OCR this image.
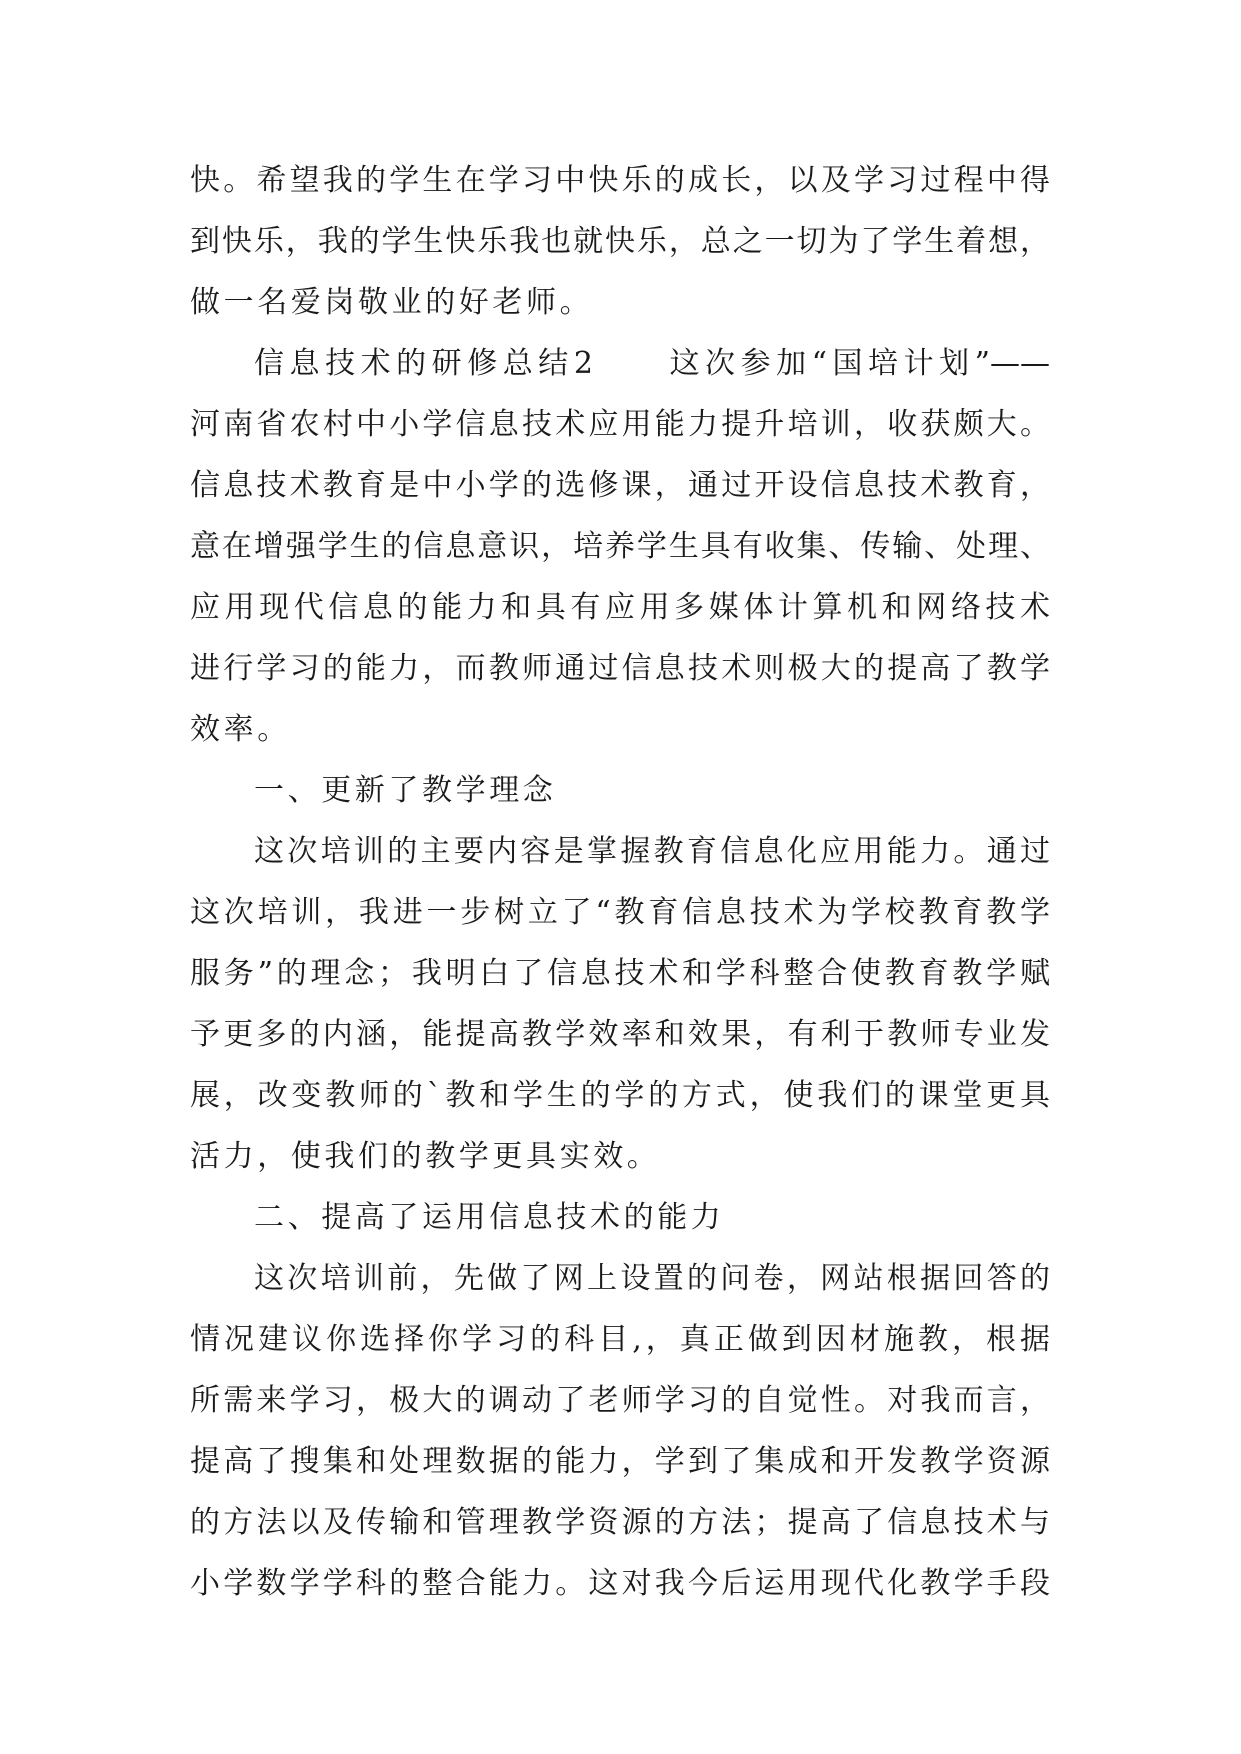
快。希望我的学生在学习中快乐的成长，以及学习过程中得
到快乐，我的学生快乐我也就快乐，总之一切为了学生着想，
做一名爱岗敬业的好老师。
信息技术的研修总结2　　这次参加“国培计划”——
河南省农村中小学信息技术应用能力提升培训，收获颇大。
信息技术教育是中小学的选修课，通过开设信息技术教育，
意在增强学生的信息意识，培养学生具有收集、传输、处理、
应用现代信息的能力和具有应用多媒体计算机和网络技术
进行学习的能力，而教师通过信息技术则极大的提高了教学
效率。
一、更新了教学理念
这次培训的主要内容是掌握教育信息化应用能力。通过
这次培训，我进一步树立了“教育信息技术为学校教育教学
服务”的理念；我明白了信息技术和学科整合使教育教学赋
予更多的内涵，能提高教学效率和效果，有利于教师专业发
展，改变教师的`教和学生的学的方式，使我们的课堂更具
活力，使我们的教学更具实效。
二、提高了运用信息技术的能力
这次培训前，先做了网上设置的问卷，网站根据回答的
情况建议你选择你学习的科目,，真正做到因材施教，根据
所需来学习，极大的调动了老师学习的自觉性。对我而言，
提高了搜集和处理数据的能力，学到了集成和开发教学资源
的方法以及传输和管理教学资源的方法；提高了信息技术与
小学数学学科的整合能力。这对我今后运用现代化教学手段
